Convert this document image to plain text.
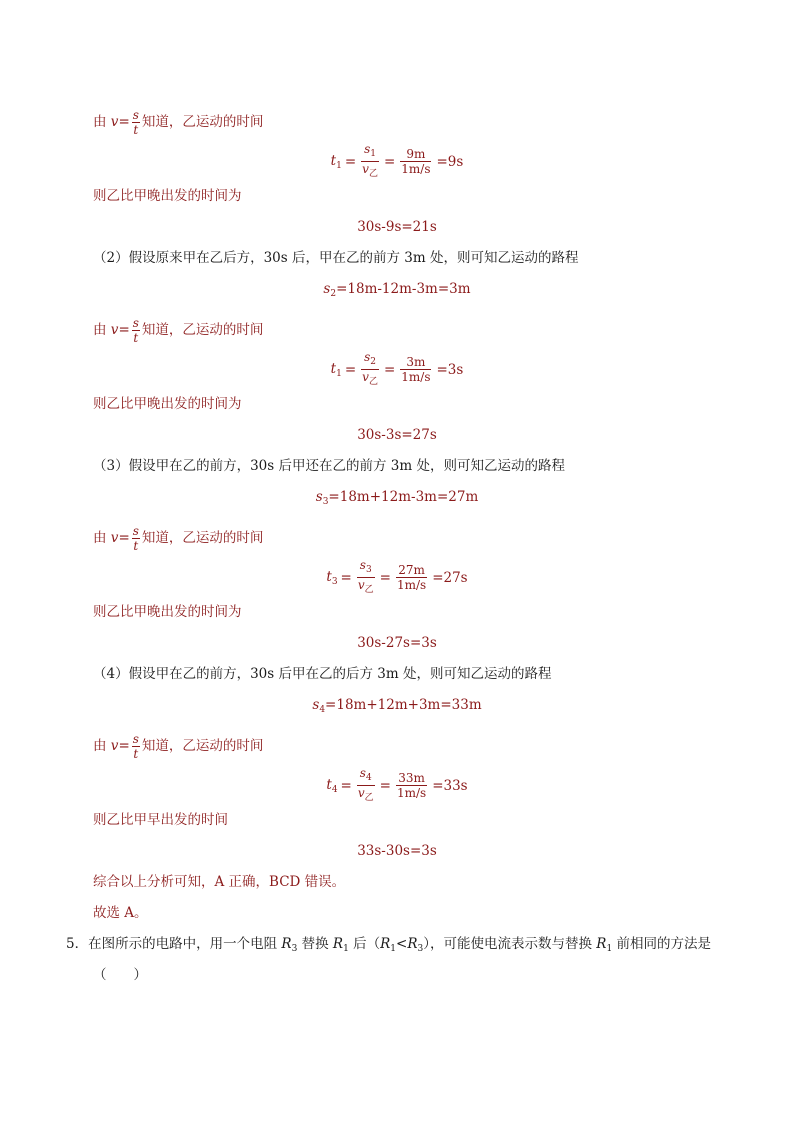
由 $v= \frac{s}{t}$ 知道，乙运动的时间
$t_1 = \frac{s_1}{v_乙} = \frac{9m}{1m/s} =9s$
则乙比甲晚出发的时间为
30s-9s=21s
（2）假设原来甲在乙后方，30s 后，甲在乙的前方 3m 处，则可知乙运动的路程
$s_2=18m-12m-3m=3m$
由 $v= \frac{s}{t}$ 知道，乙运动的时间
$t_1 = \frac{s_2}{v_乙} = \frac{3m}{1m/s} =3s$
则乙比甲晚出发的时间为
30s-3s=27s
（3）假设甲在乙的前方，30s 后甲还在乙的前方 3m 处，则可知乙运动的路程
$s_3=18m+12m-3m=27m$
由 $v= \frac{s}{t}$ 知道，乙运动的时间
$t_3 = \frac{s_3}{v_乙} = \frac{27m}{1m/s} =27s$
则乙比甲晚出发的时间为
30s-27s=3s
（4）假设甲在乙的前方，30s 后甲在乙的后方 3m 处，则可知乙运动的路程
$s_4=18m+12m+3m=33m$
由 $v= \frac{s}{t}$ 知道，乙运动的时间
$t_4 = \frac{s_4}{v_乙} = \frac{33m}{1m/s} =33s$
则乙比甲早出发的时间
33s-30s=3s
综合以上分析可知，A 正确，BCD 错误。
故选 A。
5．在图所示的电路中，用一个电阻 $R_3$ 替换 $R_1$ 后$(R_1<R_3)$，可能使电流表示数与替换 $R_1$ 前相同的方法是
（　　）
